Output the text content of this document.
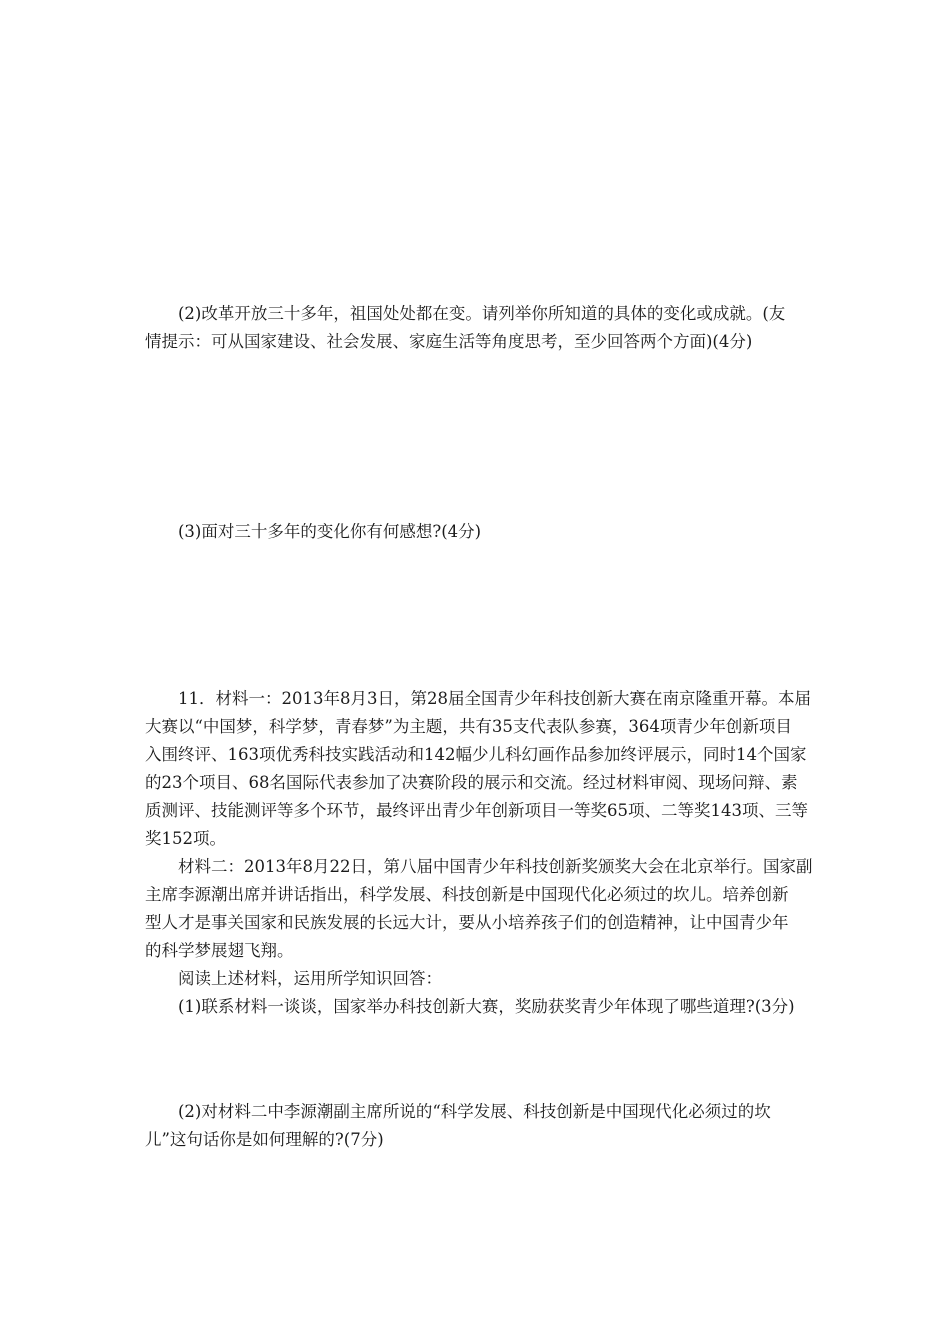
(2)改革开放三十多年，祖国处处都在变。请列举你所知道的具体的变化或成就。(友
情提示：可从国家建设、社会发展、家庭生活等角度思考，至少回答两个方面)(4分)
(3)面对三十多年的变化你有何感想?(4分)
11．材料一：2013年8月3日，第28届全国青少年科技创新大赛在南京隆重开幕。本届
大赛以“中国梦，科学梦，青春梦”为主题，共有35支代表队参赛，364项青少年创新项目
入围终评、163项优秀科技实践活动和142幅少儿科幻画作品参加终评展示，同时14个国家
的23个项目、68名国际代表参加了决赛阶段的展示和交流。经过材料审阅、现场问辩、素
质测评、技能测评等多个环节，最终评出青少年创新项目一等奖65项、二等奖143项、三等
奖152项。
材料二：2013年8月22日，第八届中国青少年科技创新奖颁奖大会在北京举行。国家副
主席李源潮出席并讲话指出，科学发展、科技创新是中国现代化必须过的坎儿。培养创新
型人才是事关国家和民族发展的长远大计，要从小培养孩子们的创造精神，让中国青少年
的科学梦展翅飞翔。
阅读上述材料，运用所学知识回答：
(1)联系材料一谈谈，国家举办科技创新大赛，奖励获奖青少年体现了哪些道理?(3分)
(2)对材料二中李源潮副主席所说的“科学发展、科技创新是中国现代化必须过的坎
儿”这句话你是如何理解的?(7分)
